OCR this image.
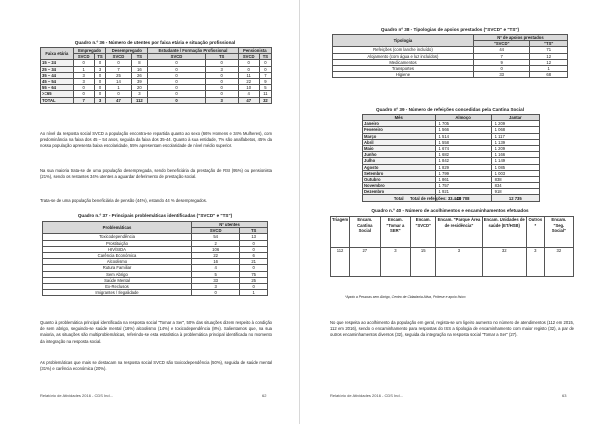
Quadro n.º 36 - Número de utentes por faixa etária e situação profissional
Faixa etária	Empregado		Desempregado		Estudante / Formação Profissional		Pensionista	
	SVCD	TS	SVCD	TS	SVCD	TS	SVCD	TS
15 – 24	0	0	0	8	0	0	0	0
25 – 34	1	3	7	16	0	3	0	0
35 – 44	3	0	25	26	0	0	11	7
45 – 54	3	0	14	39	0	0	22	9
55 – 64	0	0	1	20	0	0	10	5
>=65	0	0	0	3	0	0	4	11
TOTAL	7	3	47	112	0	3	47	32
Ao nível da resposta social SVCD a população encontra-se repartida quanto ao sexo (66% Homens e 34% Mulheres), com predominância na faixa dos 45 – 54 anos, seguida da faixa dos 35-44. Quanto à sua entidade, 7% são analfabetos, 45% da nossa população apresenta baixa escolaridade, 55% apresentam escolaridade de nível médio superior.
Na sua maioria trata-se de uma população desempregada, sendo beneficiária da prestação de RSI (95%) ou pensionista (21%), sendo os restantes 34% utentes a aguardar deferimento de prestação social.
Trata-se de uma população beneficiária de pensão (44%), estando 44 % desempregados.
Quadro n.º 37 - Principais problemáticas identificadas ("SVCD" e "TS")
Problemáticas	Nº utentes	
	SVCD	TS
Toxicodependência	54	13
Prostituição	2	0
HIV/SIDA	106	0
Carência Económica	22	6
Alcoolismo	16	21
Rutura Familiar	4	0
Sem Abrigo	5	75
Saúde Mental	33	25
Ex-Reclusos	3	0
Imigrantes / Ilegalidade	0	1
Quanto à problemática principal identificada na resposta social "Tomar a Ser", 50% das situações dizem respeito à condição de sem abrigo, seguindo-se saúde mental (16%) alcoolismo (14%) e toxicodependência (8%). Salientamos que, na sua maioria, as situações são multiproblemáticas, referindo-se esta estatística à problemática principal identificada no momento da integração na resposta social.
As problemáticas que mais se destacam na resposta social SVCD são toxicodependência (50%), seguida de saúde mental (31%) e carência económica (20%).
Relatório de Atividades 2016 - CDS Ind...	62
Quadro nº 38 - Tipologias de apoios prestados ("SVCD" e "TS")
Tipologia	Nº de apoios prestados	
	"SVCD"	"TS"
Refeições (com lanche incluído)	44	71
Alojamento (com água e luz incluídos)	7	12
Medicamentos	9	12
Transportes	0	1
Higiene	33	68
Quadro nº 39 - Número de refeições concedidas pela Cantina Social
Mês	Almoço	Jantar
Janeiro	1 705	1 209
Fevereiro	1 566	1 068
Março	1 514	1 117
Abril	1 558	1 139
Maio	1 674	1 209
Junho	1 682	1 166
Julho	1 842	1 149
Agosto	1 829	1 085
Setembro	1 799	1 003
Outubro	1 861	838
Novembro	1 757	834
Dezembro	1 921	918
Total	20 708	12 735
Total de refeições: 33.443
Quadro n.º 40 - Número de acolhimentos e encaminhamentos efetuados
Triagem	Encam. Cantina Social	Encam. "Tomar a SER"	Encam. "SVCD"	Encam. "Parque Área de residência"	Encam. Unidades de saúde (ET/HSB)	Outros *	Encam. "Seg. Social"
112	27	3	15	3	32	3	32
*Apoio a Pessoas sem Abrigo, Centro de Cidadania Ativa, Prótese e apoio físico
No que respeita ao acolhimento da população em geral, regista-se um ligeiro aumento no número de atendimentos (112 em 2015, 112 em 2016), sendo o encaminhamento para respostas do ISS a tipologia de encaminhamento com maior registo (32), a par de outros encaminhamentos diversos (32), seguida da integração na resposta social "Tomar a Ser" (27).
Relatório de Atividades 2016 - CDS Ind...	63
